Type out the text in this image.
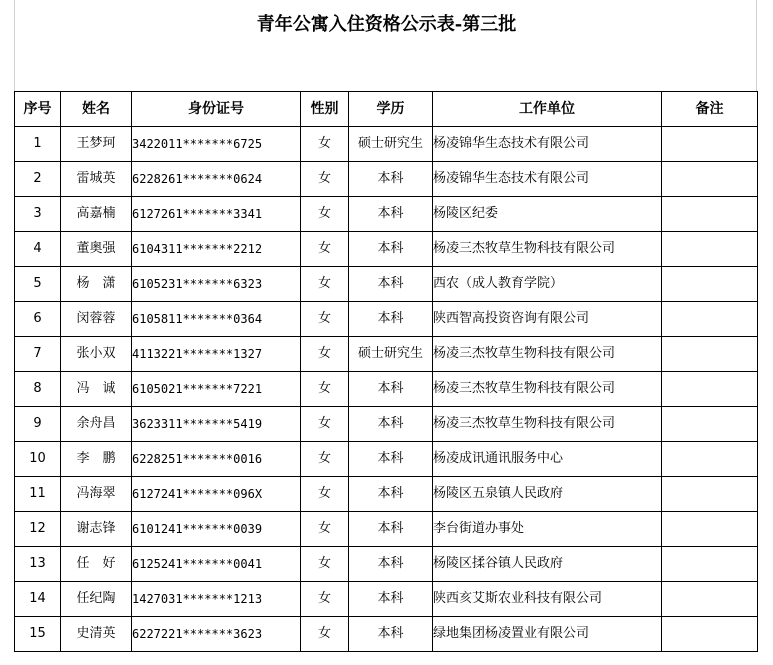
青年公寓入住资格公示表-第三批
序号	姓名	身份证号	性别	学历	工作单位	备注
1	王梦珂	3422011*******6725	女	硕士研究生	杨凌锦华生态技术有限公司	
2	雷城英	6228261*******0624	女	本科	杨凌锦华生态技术有限公司	
3	高嘉楠	6127261*******3341	女	本科	杨陵区纪委	
4	董奥强	6104311*******2212	女	本科	杨凌三杰牧草生物科技有限公司	
5	杨　潇	6105231*******6323	女	本科	西农（成人教育学院）	
6	闵蓉蓉	6105811*******0364	女	本科	陕西智高投资咨询有限公司	
7	张小双	4113221*******1327	女	硕士研究生	杨凌三杰牧草生物科技有限公司	
8	冯　诚	6105021*******7221	女	本科	杨凌三杰牧草生物科技有限公司	
9	余舟昌	3623311*******5419	女	本科	杨凌三杰牧草生物科技有限公司	
10	李　鹏	6228251*******0016	女	本科	杨凌成讯通讯服务中心	
11	冯海翠	6127241*******096X	女	本科	杨陵区五泉镇人民政府	
12	谢志锋	6101241*******0039	女	本科	李台街道办事处	
13	任　好	6125241*******0041	女	本科	杨陵区揉谷镇人民政府	
14	任纪陶	1427031*******1213	女	本科	陕西亥艾斯农业科技有限公司	
15	史清英	6227221*******3623	女	本科	绿地集团杨凌置业有限公司	
